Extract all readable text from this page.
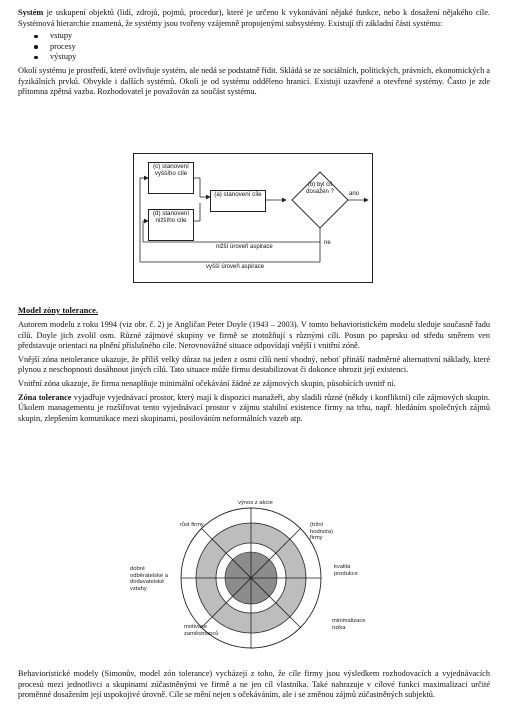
Systém je uskupení objektů (lidí, zdrojů, pojmů, procedur), které je určeno k vykonávání nějaké funkce, nebo k dosažení nějakého cíle. Systémová hierarchie znamená, že systémy jsou tvořeny vzájemně propojenými subsystémy. Existují tři základní části systému:

vstupy
procesy
výstupy

Okolí systému je prostředí, které ovlivňuje systém, ale nedá se podstatně řídit. Skládá se ze sociálních, politických, právních, ekonomických a fyzikálních prvků. Obvykle i dalších systémů. Okolí je od systému odděleno hranicí. Existují uzavřené a otevřené systémy. Často je zde přítomna zpětná vazba. Rozhodovatel je považován za součást systému.

(c) stanovení vyššího cíle
(a) stanovení cíle
(d) stanovení nižšího cíle
(b) byl cíl dosažen ?	ano
ne
nižší úroveň aspirace
vyšší úroveň aspirace
Model zóny tolerance.

Autorem modelu z roku 1994 (viz obr. č. 2) je Angličan Peter Doyle (1943 – 2003). V tomto behavioristickém modelu sleduje současně řadu cílů. Doyle jich zvolil osm. Různé zájmové skupiny ve firmě se ztotožňují s různými cíli. Posun po paprsku od středu směrem ven představuje orientaci na plnění příslušného cíle. Nerovnovážné situace odpovídají vnější i vnitřní zóně.

Vnější zóna netolerance ukazuje, že příliš velký důraz na jeden z osmi cílů není vhodný, neboť přináší nadměrné alternativní náklady, které plynou z neschopnosti dosáhnout jiných cílů. Tato situace může firmu destabilizovat či dokonce ohrozit její existenci.

Vnitřní zóna ukazuje, že firma nenaplňuje minimální očekávání žádné ze zájmových skupin, působících uvnitř ní.

Zóna tolerance vyjadřuje vyjednávací prostor, který mají k dispozici manažeři, aby sladili různé (někdy i konfliktní) cíle zájmových skupin. Úkolem managementu je rozšiřovat tento vyjednávací prostor v zájmu stabilní existence firmy na trhu, např. hledáním společných zájmů skupin, zlepšením komunikace mezi skupinami, posilováním neformálních vazeb atp.

výnos z akcie
růst firmy	(tržní hodnota) firmy
kvalita produkce
minimalizace rizika
motivace zaměstnanců
dobré odběratelské a dodavatelské vztahy

Behavioristické modely (Simonův, model zón tolerance) vycházejí z toho, že cíle firmy jsou výsledkem rozhodovacích a vyjednávacích procesů mezi jednotlivci a skupinami zúčastněnými ve firmě a ne jen cíl vlastníka. Také nahrazuje v cílové funkci maximalizaci určité proměnné dosažením její uspokojivé úrovně. Cíle se mění nejen s očekáváním, ale i se změnou zájmů zúčastněných subjektů.
